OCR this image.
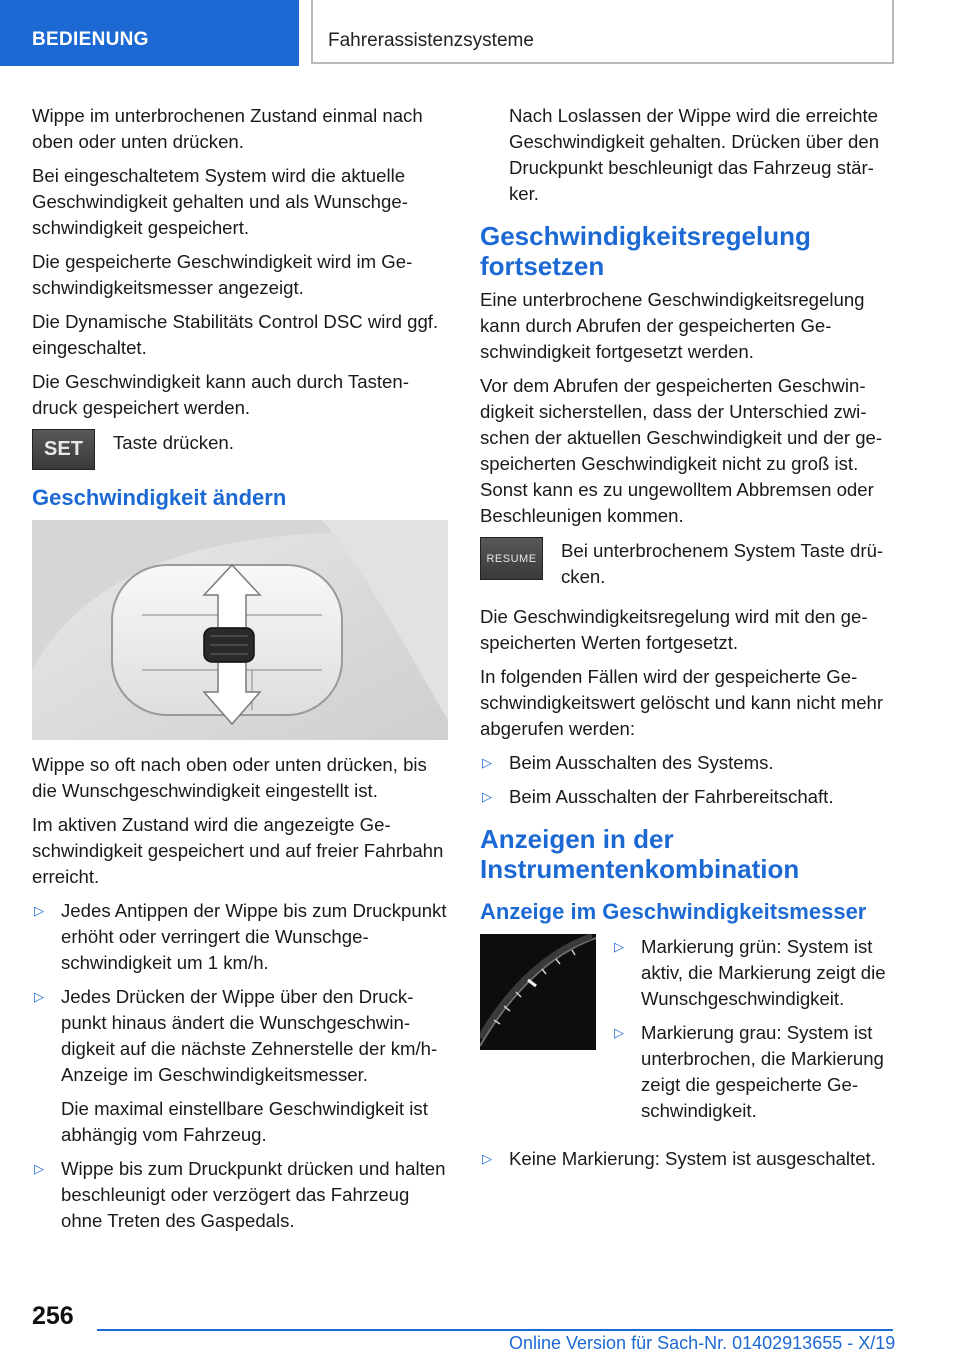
BEDIENUNG	Fahrerassistenzsysteme

Wippe im unterbrochenen Zustand einmal nach oben oder unten drücken.

Bei eingeschaltetem System wird die aktuelle Geschwindigkeit gehalten und als Wunschgeschwindigkeit gespeichert.

Die gespeicherte Geschwindigkeit wird im Geschwindigkeitsmesser angezeigt.

Die Dynamische Stabilitäts Control DSC wird ggf. eingeschaltet.

Die Geschwindigkeit kann auch durch Tastendruck gespeichert werden.

SET	Taste drücken.

Geschwindigkeit ändern

Wippe so oft nach oben oder unten drücken, bis die Wunschgeschwindigkeit eingestellt ist.

Im aktiven Zustand wird die angezeigte Geschwindigkeit gespeichert und auf freier Fahrbahn erreicht.

▷ Jedes Antippen der Wippe bis zum Druckpunkt erhöht oder verringert die Wunschgeschwindigkeit um 1 km/h.
▷ Jedes Drücken der Wippe über den Druckpunkt hinaus ändert die Wunschgeschwindigkeit auf die nächste Zehnerstelle der km/h-Anzeige im Geschwindigkeitsmesser.
Die maximal einstellbare Geschwindigkeit ist abhängig vom Fahrzeug.
▷ Wippe bis zum Druckpunkt drücken und halten beschleunigt oder verzögert das Fahrzeug ohne Treten des Gaspedals.

Nach Loslassen der Wippe wird die erreichte Geschwindigkeit gehalten. Drücken über den Druckpunkt beschleunigt das Fahrzeug stärker.

Geschwindigkeitsregelung fortsetzen

Eine unterbrochene Geschwindigkeitsregelung kann durch Abrufen der gespeicherten Geschwindigkeit fortgesetzt werden.

Vor dem Abrufen der gespeicherten Geschwindigkeit sicherstellen, dass der Unterschied zwischen der aktuellen Geschwindigkeit und der gespeicherten Geschwindigkeit nicht zu groß ist. Sonst kann es zu ungewolltem Abbremsen oder Beschleunigen kommen.

RESUME	Bei unterbrochenem System Taste drücken.

Die Geschwindigkeitsregelung wird mit den gespeicherten Werten fortgesetzt.

In folgenden Fällen wird der gespeicherte Geschwindigkeitswert gelöscht und kann nicht mehr abgerufen werden:

▷ Beim Ausschalten des Systems.
▷ Beim Ausschalten der Fahrbereitschaft.
Anzeigen in der Instrumentenkombination
Anzeige im Geschwindigkeitsmesser
▷ Markierung grün: System ist aktiv, die Markierung zeigt die Wunschgeschwindigkeit.
▷ Markierung grau: System ist unterbrochen, die Markierung zeigt die gespeicherte Geschwindigkeit.
▷ Keine Markierung: System ist ausgeschaltet.
256
Online Version für Sach-Nr. 01402913655 - X/19
